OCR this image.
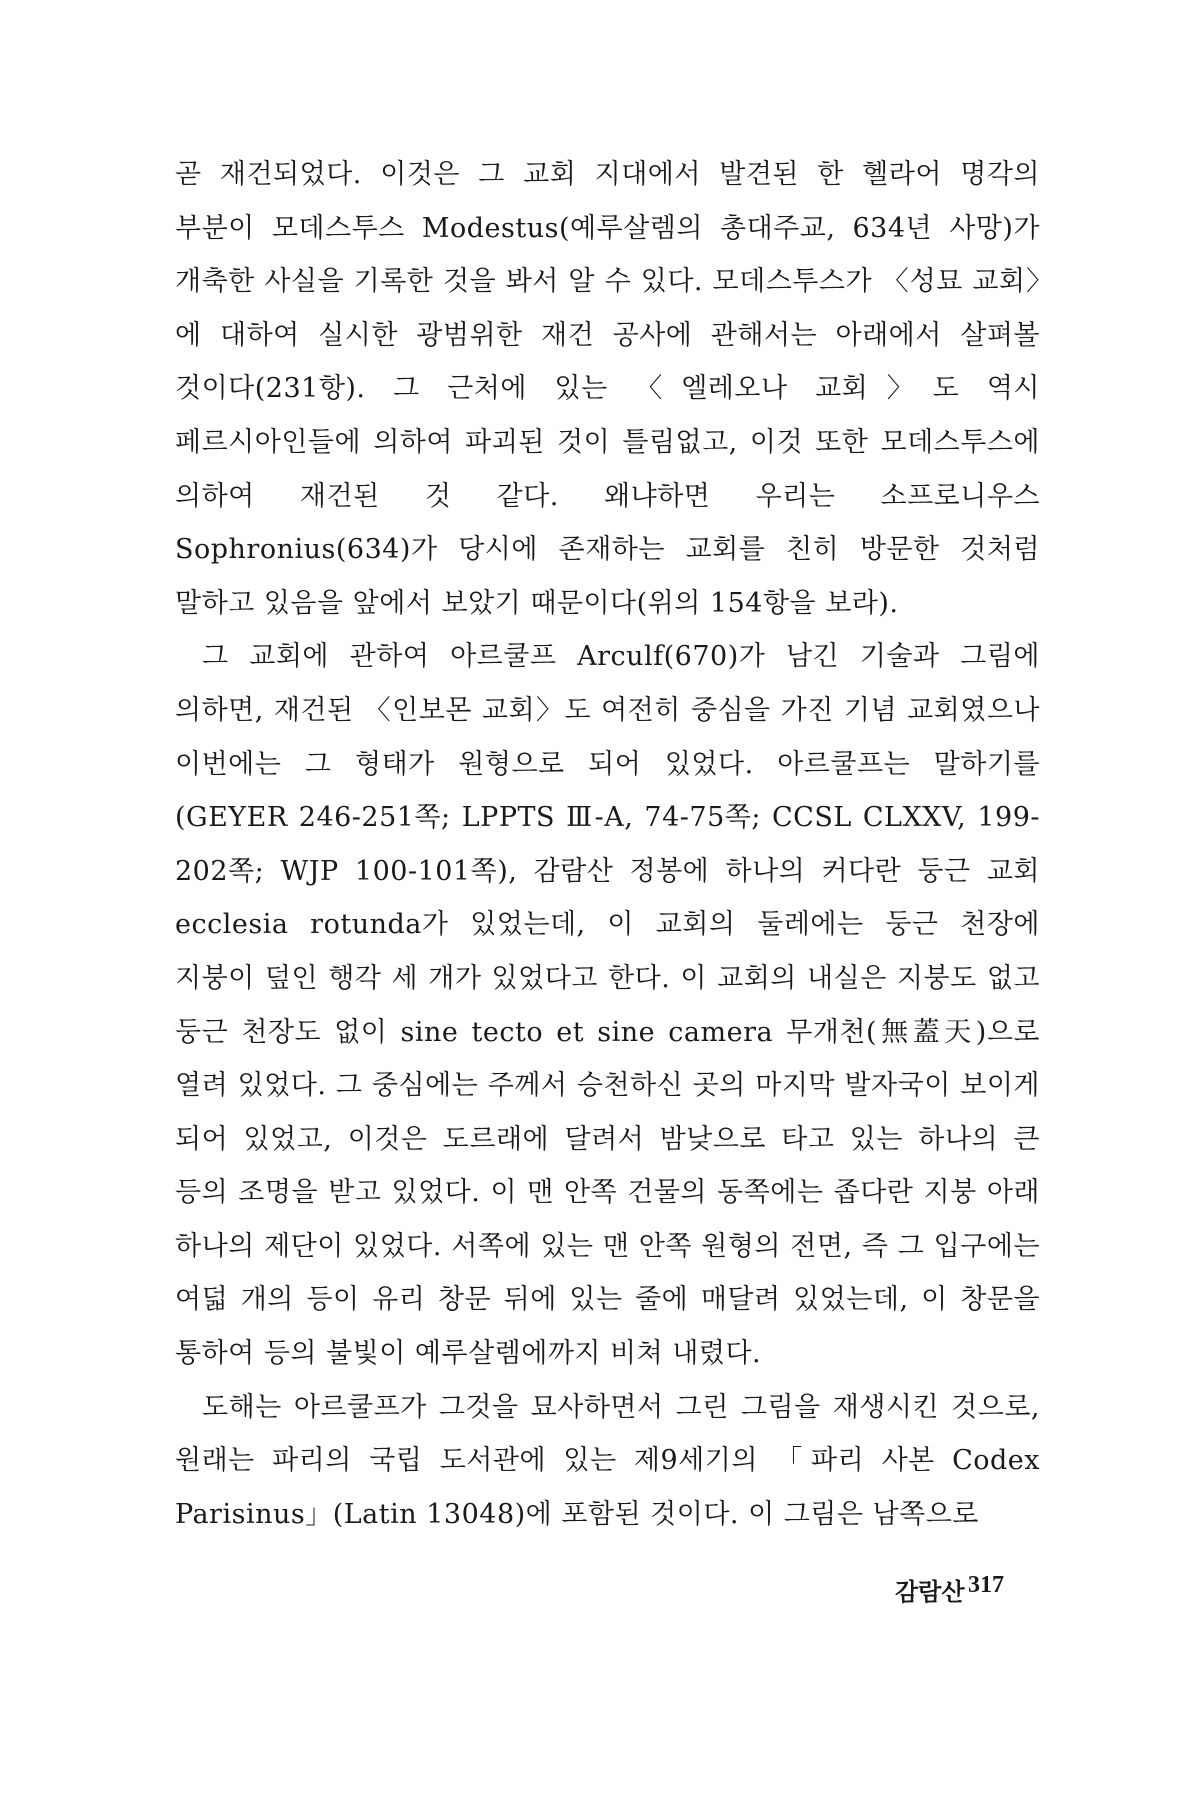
곧 재건되었다. 이것은 그 교회 지대에서 발견된 한 헬라어 명각의 부분이 모데스투스 Modestus(예루살렘의 총대주교, 634년 사망)가 개축한 사실을 기록한 것을 봐서 알 수 있다. 모데스투스가 〈성묘 교회〉에 대하여 실시한 광범위한 재건 공사에 관해서는 아래에서 살펴볼 것이다(231항). 그 근처에 있는 〈엘레오나 교회〉도 역시 페르시아인들에 의하여 파괴된 것이 틀림없고, 이것 또한 모데스투스에 의하여 재건된 것 같다. 왜냐하면 우리는 소프로니우스 Sophronius(634)가 당시에 존재하는 교회를 친히 방문한 것처럼 말하고 있음을 앞에서 보았기 때문이다(위의 154항을 보라).

그 교회에 관하여 아르쿨프 Arculf(670)가 남긴 기술과 그림에 의하면, 재건된 〈인보몬 교회〉도 여전히 중심을 가진 기념 교회였으나 이번에는 그 형태가 원형으로 되어 있었다. 아르쿨프는 말하기를 (GEYER 246-251쪽; LPPTS Ⅲ-A, 74-75쪽; CCSL CLXXV, 199-202쪽; WJP 100-101쪽), 감람산 정봉에 하나의 커다란 둥근 교회 ecclesia rotunda가 있었는데, 이 교회의 둘레에는 둥근 천장에 지붕이 덮인 행각 세 개가 있었다고 한다. 이 교회의 내실은 지붕도 없고 둥근 천장도 없이 sine tecto et sine camera 무개천(無蓋天)으로 열려 있었다. 그 중심에는 주께서 승천하신 곳의 마지막 발자국이 보이게 되어 있었고, 이것은 도르래에 달려서 밤낮으로 타고 있는 하나의 큰 등의 조명을 받고 있었다. 이 맨 안쪽 건물의 동쪽에는 좁다란 지붕 아래 하나의 제단이 있었다. 서쪽에 있는 맨 안쪽 원형의 전면, 즉 그 입구에는 여덟 개의 등이 유리 창문 뒤에 있는 줄에 매달려 있었는데, 이 창문을 통하여 등의 불빛이 예루살렘에까지 비쳐 내렸다.

도해는 아르쿨프가 그것을 묘사하면서 그린 그림을 재생시킨 것으로, 원래는 파리의 국립 도서관에 있는 제9세기의 「파리 사본 Codex Parisinus」(Latin 13048)에 포함된 것이다. 이 그림은 남쪽으로

감람산 317
